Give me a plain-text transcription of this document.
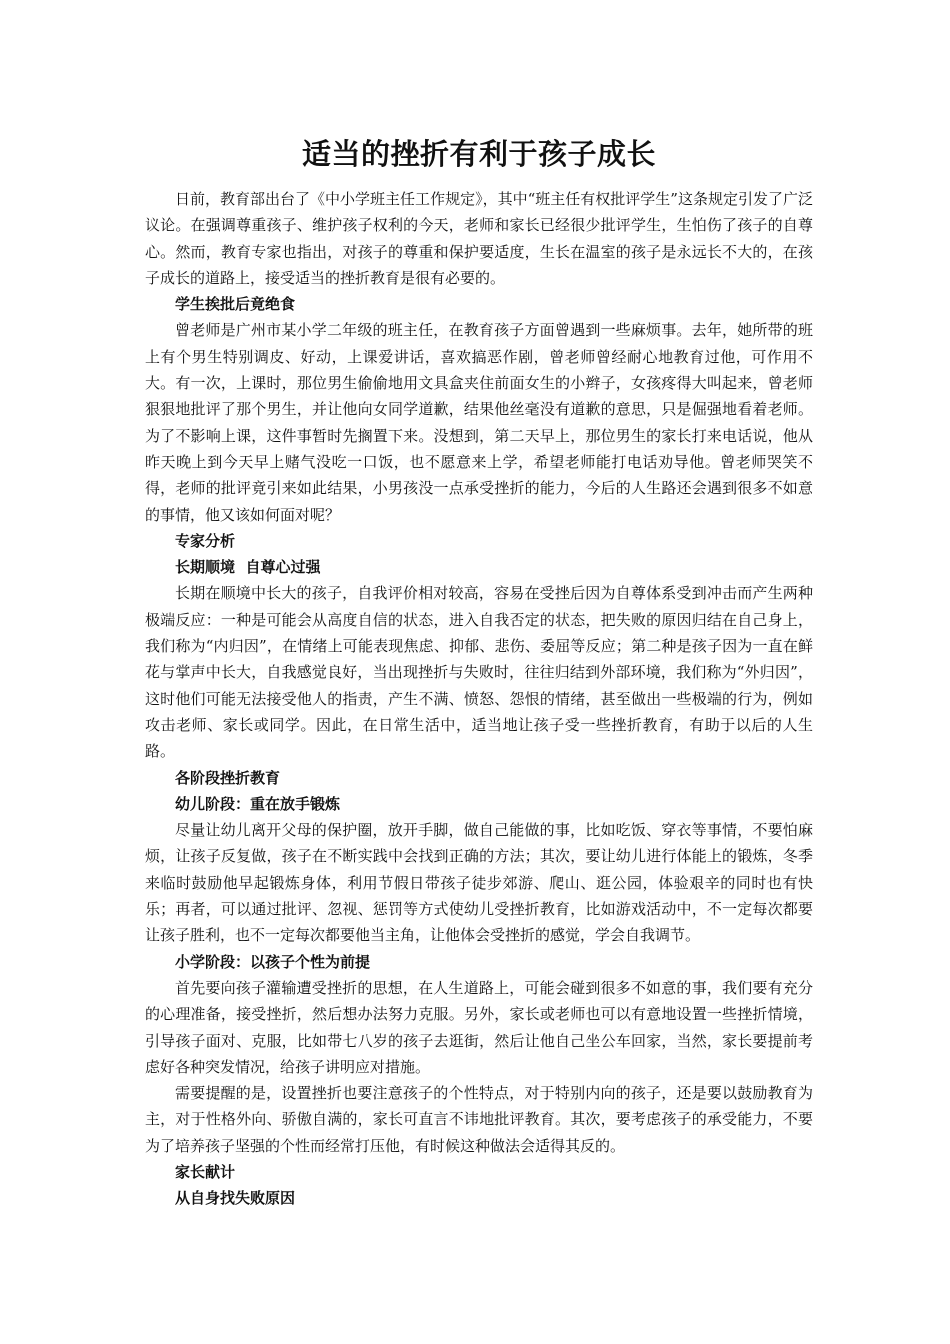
适当的挫折有利于孩子成长

日前，教育部出台了《中小学班主任工作规定》，其中“班主任有权批评学生”这条规定引发了广泛议论。在强调尊重孩子、维护孩子权利的今天，老师和家长已经很少批评学生，生怕伤了孩子的自尊心。然而，教育专家也指出，对孩子的尊重和保护要适度，生长在温室的孩子是永远长不大的，在孩子成长的道路上，接受适当的挫折教育是很有必要的。

学生挨批后竟绝食

曾老师是广州市某小学二年级的班主任，在教育孩子方面曾遇到一些麻烦事。去年，她所带的班上有个男生特别调皮、好动，上课爱讲话，喜欢搞恶作剧，曾老师曾经耐心地教育过他，可作用不大。有一次，上课时，那位男生偷偷地用文具盒夹住前面女生的小辫子，女孩疼得大叫起来，曾老师狠狠地批评了那个男生，并让他向女同学道歉，结果他丝毫没有道歉的意思，只是倔强地看着老师。为了不影响上课，这件事暂时先搁置下来。没想到，第二天早上，那位男生的家长打来电话说，他从昨天晚上到今天早上赌气没吃一口饭，也不愿意来上学，希望老师能打电话劝导他。曾老师哭笑不得，老师的批评竟引来如此结果，小男孩没一点承受挫折的能力，今后的人生路还会遇到很多不如意的事情，他又该如何面对呢？

专家分析

长期顺境  自尊心过强

长期在顺境中长大的孩子，自我评价相对较高，容易在受挫后因为自尊体系受到冲击而产生两种极端反应：一种是可能会从高度自信的状态，进入自我否定的状态，把失败的原因归结在自己身上，我们称为“内归因”，在情绪上可能表现焦虑、抑郁、悲伤、委屈等反应；第二种是孩子因为一直在鲜花与掌声中长大，自我感觉良好，当出现挫折与失败时，往往归结到外部环境，我们称为“外归因”，这时他们可能无法接受他人的指责，产生不满、愤怒、怨恨的情绪，甚至做出一些极端的行为，例如攻击老师、家长或同学。因此，在日常生活中，适当地让孩子受一些挫折教育，有助于以后的人生路。

各阶段挫折教育

幼儿阶段：重在放手锻炼

尽量让幼儿离开父母的保护圈，放开手脚，做自己能做的事，比如吃饭、穿衣等事情，不要怕麻烦，让孩子反复做，孩子在不断实践中会找到正确的方法；其次，要让幼儿进行体能上的锻炼，冬季来临时鼓励他早起锻炼身体，利用节假日带孩子徒步郊游、爬山、逛公园，体验艰辛的同时也有快乐；再者，可以通过批评、忽视、惩罚等方式使幼儿受挫折教育，比如游戏活动中，不一定每次都要让孩子胜利，也不一定每次都要他当主角，让他体会受挫折的感觉，学会自我调节。

小学阶段：以孩子个性为前提

首先要向孩子灌输遭受挫折的思想，在人生道路上，可能会碰到很多不如意的事，我们要有充分的心理准备，接受挫折，然后想办法努力克服。另外，家长或老师也可以有意地设置一些挫折情境，引导孩子面对、克服，比如带七八岁的孩子去逛街，然后让他自己坐公车回家，当然，家长要提前考虑好各种突发情况，给孩子讲明应对措施。

需要提醒的是，设置挫折也要注意孩子的个性特点，对于特别内向的孩子，还是要以鼓励教育为主，对于性格外向、骄傲自满的，家长可直言不讳地批评教育。其次，要考虑孩子的承受能力，不要为了培养孩子坚强的个性而经常打压他，有时候这种做法会适得其反的。

家长献计

从自身找失败原因
